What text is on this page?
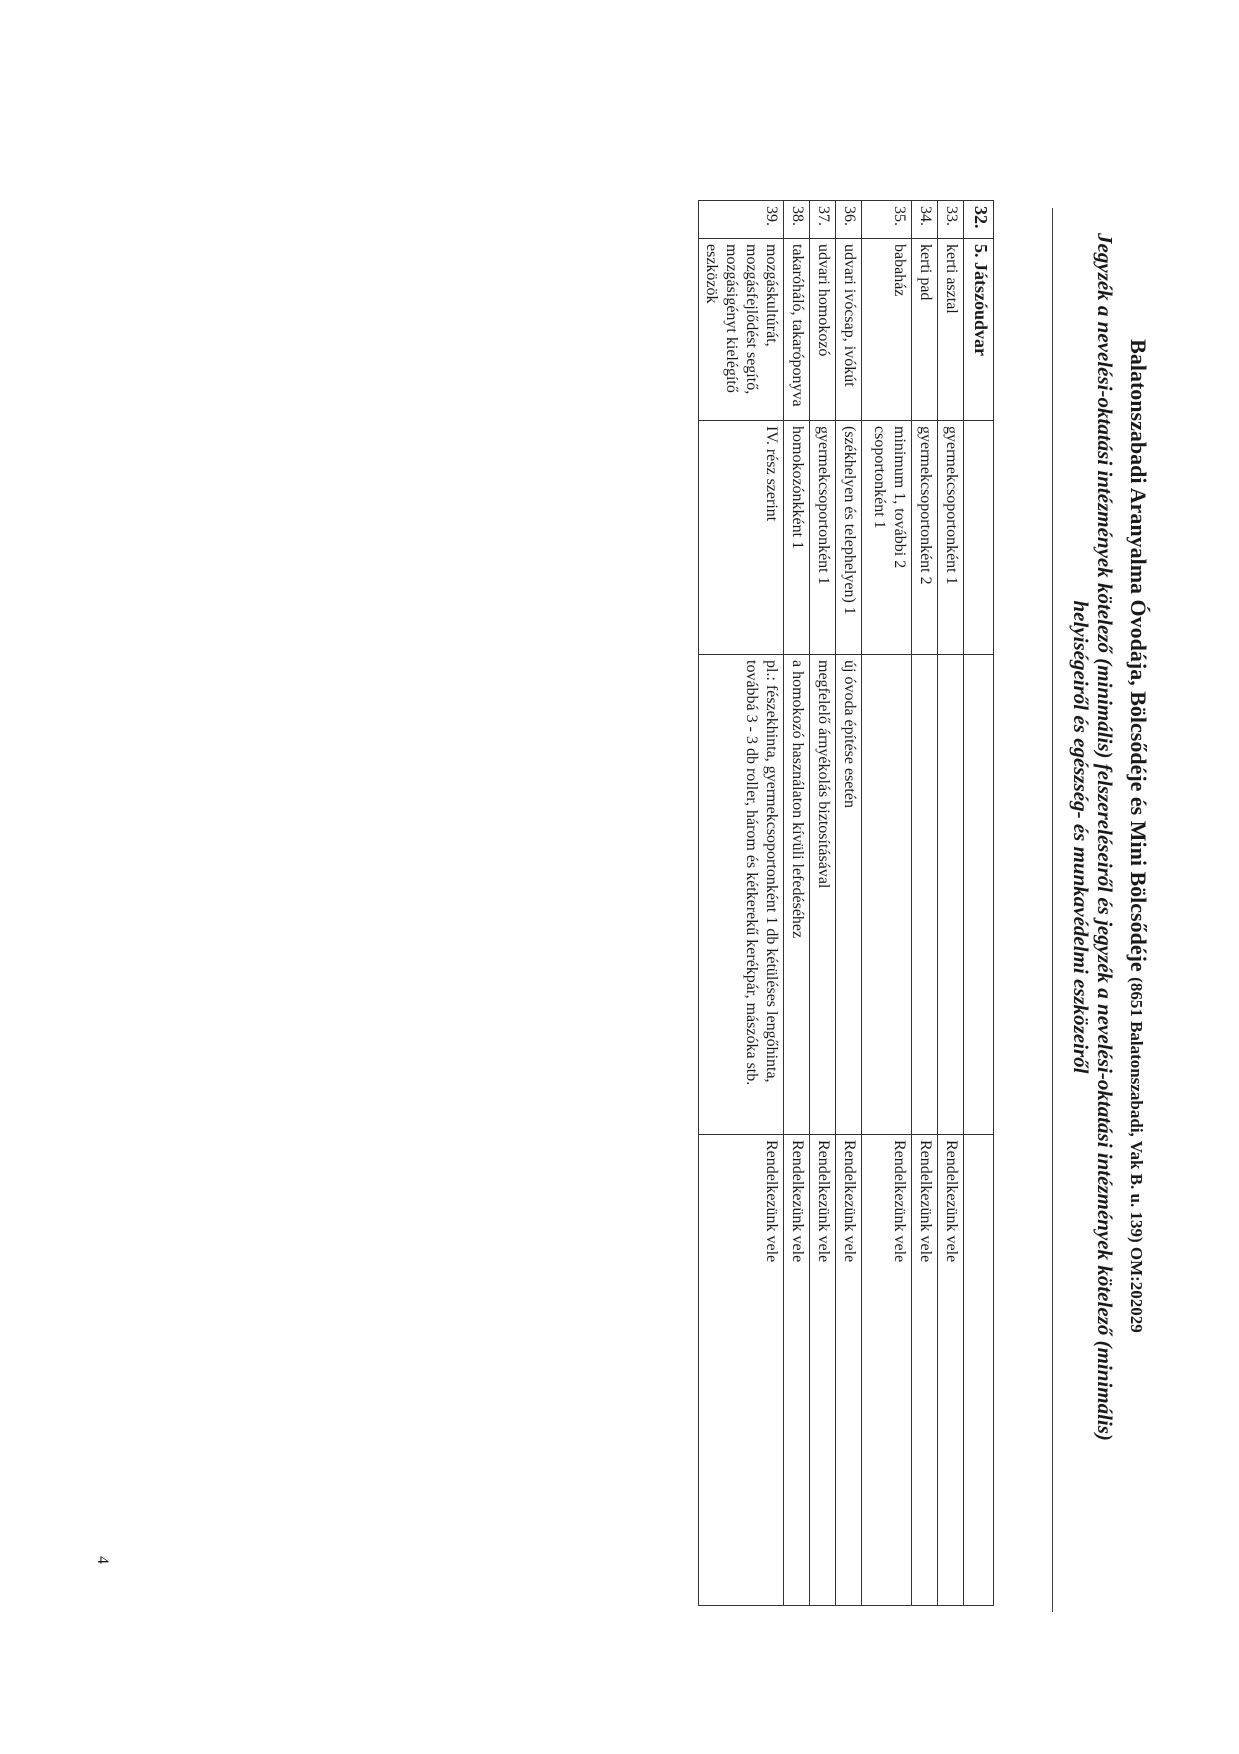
Balatonszabadi Aranyalma Óvodája, Bölcsődéje és Mini Bölcsődéje (8651 Balatonszabadi, Vak B. u. 139) OM:202029
Jegyzék a nevelési-oktatási intézmények kötelező (minimális) felszereléseiről és jegyzék a nevelési-oktatási intézmények kötelező (minimális) helyiségeiről és egészség- és munkavédelmi eszközeiről
32.	5. Játszóudvar			
33.	kerti asztal	gyermekcsoportonként 1		Rendelkezünk vele
34.	kerti pad	gyermekcsoportonként 2		Rendelkezünk vele
35.	babaház	minimum 1, további 2 csoportonként 1		Rendelkezünk vele
36.	udvari ivócsap, ivókút	(székhelyen és telephelyen) 1	új óvoda építése esetén	Rendelkezünk vele
37.	udvari homokozó	gyermekcsoportonként 1	megfelelő árnyékolás biztosításával	Rendelkezünk vele
38.	takaróháló, takaróponyva	homokozónkként 1	a homokozó használaton kívüli lefedéséhez	Rendelkezünk vele
39.	mozgáskultúrát, mozgásfejlődést segítő, mozgásigényt kielégítő eszközök	IV. rész szerint	pl.: fészekhinta, gyermekcsoportonként 1 db kétüléses lengőhinta, továbbá 3 - 3 db roller, három és kétkerekű kerékpár, mászóka stb.	Rendelkezünk vele
4
